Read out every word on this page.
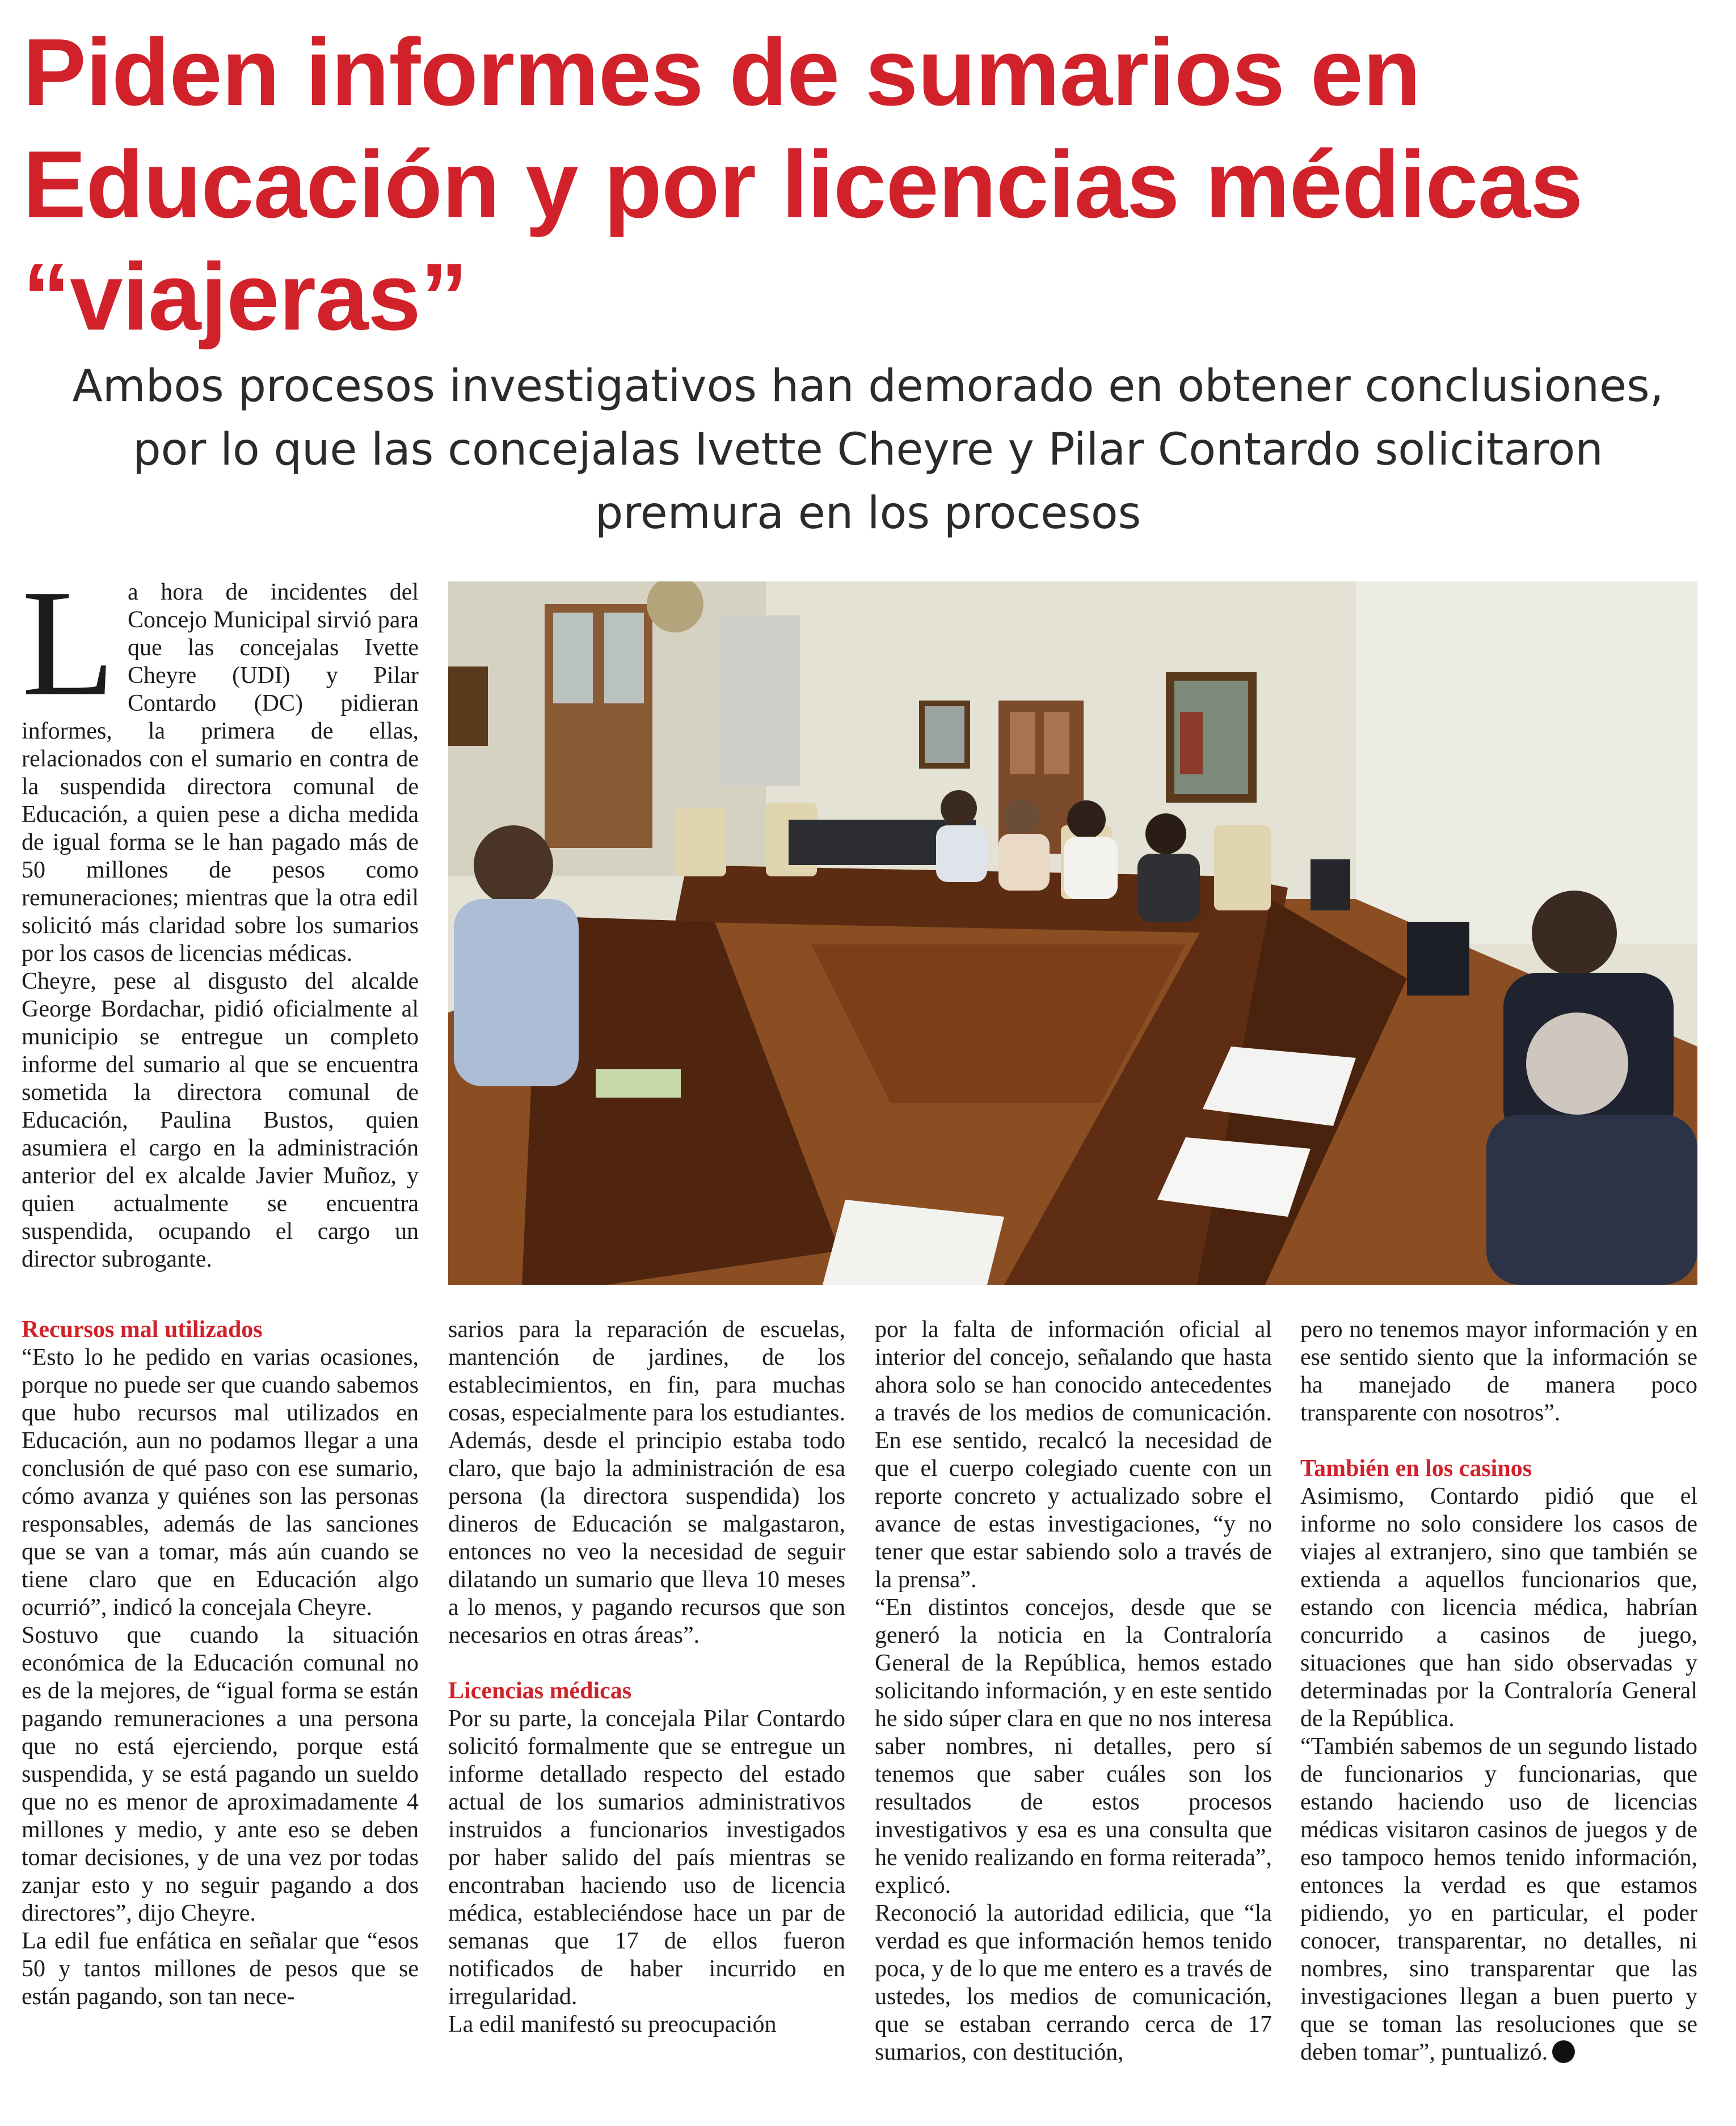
Piden informes de sumarios en Educación y por licencias médicas “viajeras”

Ambos procesos investigativos han demorado en obtener conclusiones, por lo que las concejalas Ivette Cheyre y Pilar Contardo solicitaron premura en los procesos

L a hora de incidentes del Concejo Municipal sirvió para que las concejalas Ivette Cheyre (UDI) y Pilar Contardo (DC) pidieran informes, la primera de ellas, relacionados con el sumario en contra de la suspendida directora comunal de Educación, a quien pese a dicha medida de igual forma se le han pagado más de 50 millones de pesos como remuneraciones; mientras que la otra edil solicitó más claridad sobre los sumarios por los casos de licencias médicas.

Cheyre, pese al disgusto del alcalde George Bordachar, pidió oficialmente al municipio se entregue un completo informe del sumario al que se encuentra sometida la directora comunal de Educación, Paulina Bustos, quien asumiera el cargo en la administración anterior del ex alcalde Javier Muñoz, y quien actualmente se encuentra suspendida, ocupando el cargo un director subrogante.

Recursos mal utilizados

“Esto lo he pedido en varias ocasiones, porque no puede ser que cuando sabemos que hubo recursos mal utilizados en Educación, aun no podamos llegar a una conclusión de qué paso con ese sumario, cómo avanza y quiénes son las personas responsables, además de las sanciones que se van a tomar, más aún cuando se tiene claro que en Educación algo ocurrió”, indicó la concejala Cheyre.

Sostuvo que cuando la situación económica de la Educación comunal no es de la mejores, de “igual forma se están pagando remuneraciones a una persona que no está ejerciendo, porque está suspendida, y se está pagando un sueldo que no es menor de aproximadamente 4 millones y medio, y ante eso se deben tomar decisiones, y de una vez por todas zanjar esto y no seguir pagando a dos directores”, dijo Cheyre.

La edil fue enfática en señalar que “esos 50 y tantos millones de pesos que se están pagando, son tan nece-

sarios para la reparación de escuelas, mantención de jardines, de los establecimientos, en fin, para muchas cosas, especialmente para los estudiantes. Además, desde el principio estaba todo claro, que bajo la administración de esa persona (la directora suspendida) los dineros de Educación se malgastaron, entonces no veo la necesidad de seguir dilatando un sumario que lleva 10 meses a lo menos, y pagando recursos que son necesarios en otras áreas”.

Licencias médicas

Por su parte, la concejala Pilar Contardo solicitó formalmente que se entregue un informe detallado respecto del estado actual de los sumarios administrativos instruidos a funcionarios investigados por haber salido del país mientras se encontraban haciendo uso de licencia médica, estableciéndose hace un par de semanas que 17 de ellos fueron notificados de haber incurrido en irregularidad.

La edil manifestó su preocupación

por la falta de información oficial al interior del concejo, señalando que hasta ahora solo se han conocido antecedentes a través de los medios de comunicación. En ese sentido, recalcó la necesidad de que el cuerpo colegiado cuente con un reporte concreto y actualizado sobre el avance de estas investigaciones, “y no tener que estar sabiendo solo a través de la prensa”.

“En distintos concejos, desde que se generó la noticia en la Contraloría General de la República, hemos estado solicitando información, y en este sentido he sido súper clara en que no nos interesa saber nombres, ni detalles, pero sí tenemos que saber cuáles son los resultados de estos procesos investigativos y esa es una consulta que he venido realizando en forma reiterada”, explicó.

Reconoció la autoridad edilicia, que “la verdad es que información hemos tenido poca, y de lo que me entero es a través de ustedes, los medios de comunicación, que se estaban cerrando cerca de 17 sumarios, con destitución,

pero no tenemos mayor información y en ese sentido siento que la información se ha manejado de manera poco transparente con nosotros”.

También en los casinos

Asimismo, Contardo pidió que el informe no solo considere los casos de viajes al extranjero, sino que también se extienda a aquellos funcionarios que, estando con licencia médica, habrían concurrido a casinos de juego, situaciones que han sido observadas y determinadas por la Contraloría General de la República.

“También sabemos de un segundo listado de funcionarios y funcionarias, que estando haciendo uso de licencias médicas visitaron casinos de juegos y de eso tampoco hemos tenido información, entonces la verdad es que estamos pidiendo, yo en particular, el poder conocer, transparentar, no detalles, ni nombres, sino transparentar que las investigaciones llegan a buen puerto y que se toman las resoluciones que se deben tomar”, puntualizó.
